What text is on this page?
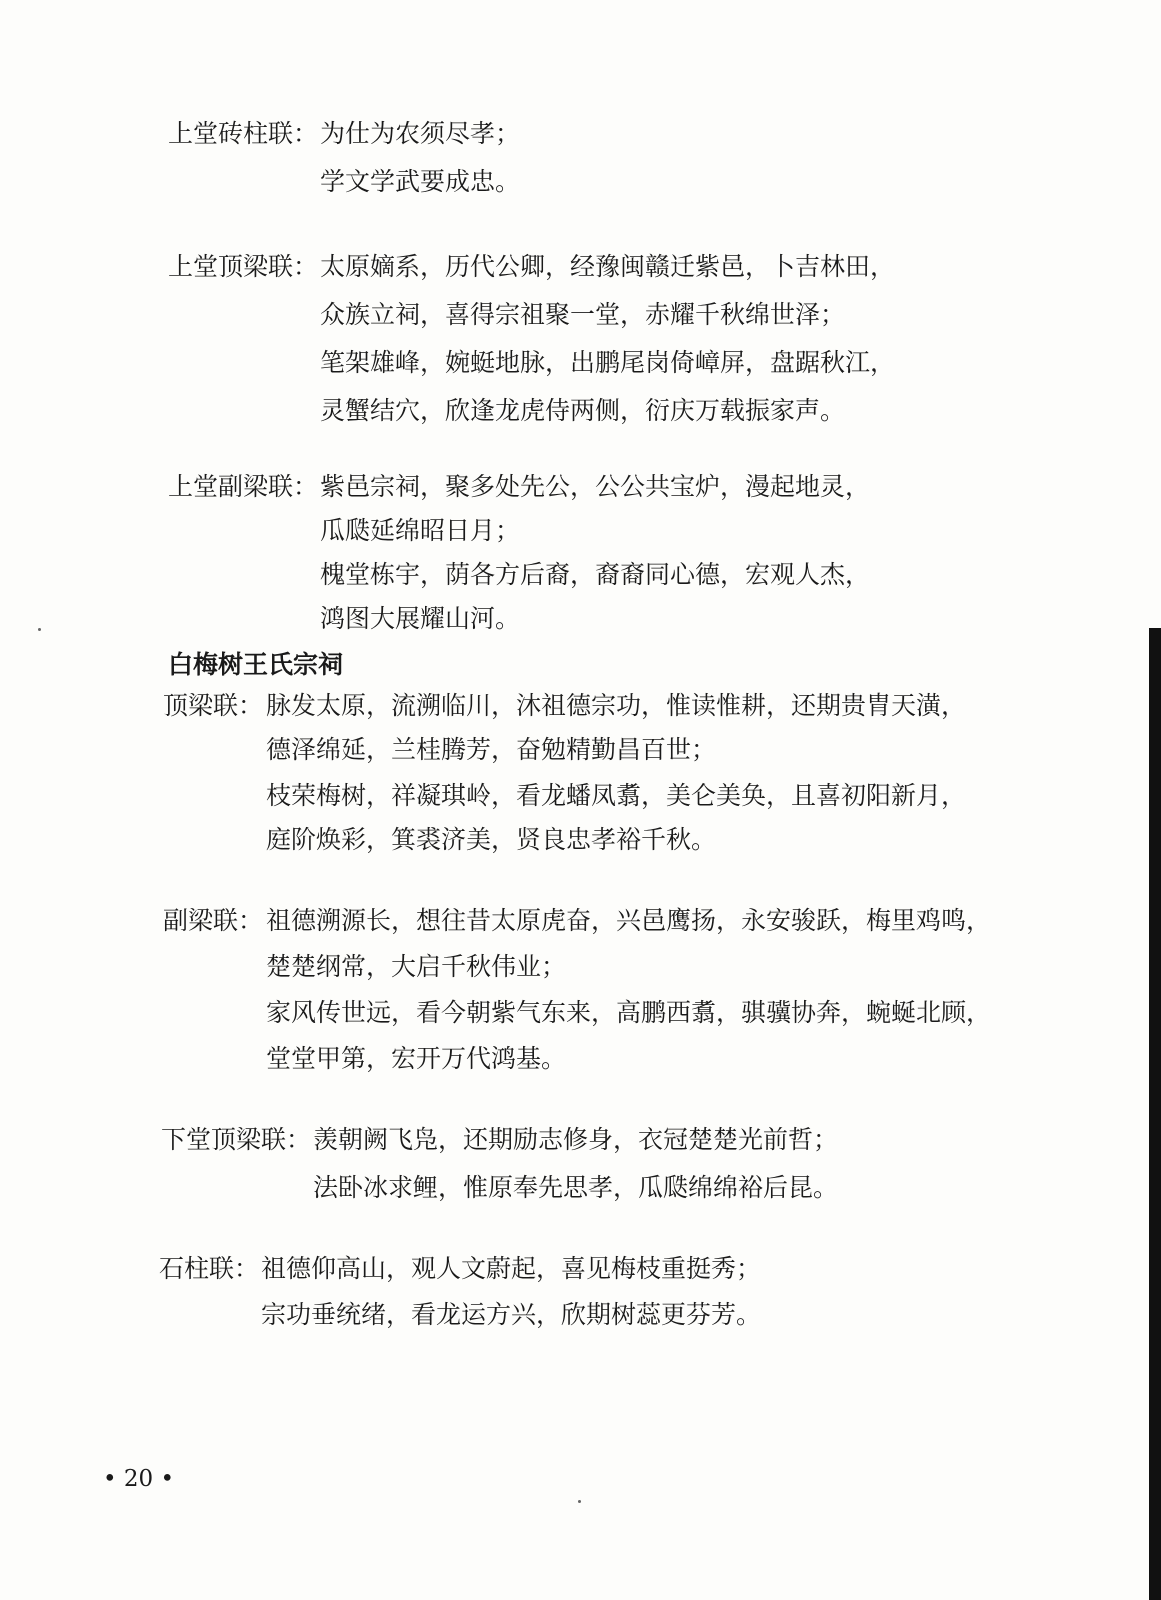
上堂砖柱联： 为仕为农须尽孝；
学文学武要成忠。
上堂顶梁联： 太原嫡系，历代公卿，经豫闽赣迁紫邑，卜吉林田，
众族立祠，喜得宗祖聚一堂，赤耀千秋绵世泽；
笔架雄峰，婉蜓地脉，出鹏尾岗倚嶂屏，盘踞秋江，
灵蟹结穴，欣逢龙虎侍两侧，衍庆万载振家声。
上堂副梁联： 紫邑宗祠，聚多处先公，公公共宝炉，漫起地灵，
瓜瓞延绵昭日月；
槐堂栋宇，荫各方后裔，裔裔同心德，宏观人杰，
鸿图大展耀山河。
白梅树王氏宗祠
顶梁联： 脉发太原，流溯临川，沐祖德宗功，惟读惟耕，还期贵胄天潢，
德泽绵延，兰桂腾芳，奋勉精勤昌百世；
枝荣梅树，祥凝琪岭，看龙蟠凤翥，美仑美奂，且喜初阳新月，
庭阶焕彩，箕裘济美，贤良忠孝裕千秋。
副梁联： 祖德溯源长，想往昔太原虎奋，兴邑鹰扬，永安骏跃，梅里鸡鸣，
楚楚纲常，大启千秋伟业；
家风传世远，看今朝紫气东来，高鹏西翥，骐骥协奔，蜿蜒北顾，
堂堂甲第，宏开万代鸿基。
下堂顶梁联： 羡朝阙飞凫，还期励志修身，衣冠楚楚光前哲；
法卧冰求鲤，惟原奉先思孝，瓜瓞绵绵裕后昆。
石柱联： 祖德仰高山，观人文蔚起，喜见梅枝重挺秀；
宗功垂统绪，看龙运方兴，欣期树蕊更芬芳。
• 20 •
